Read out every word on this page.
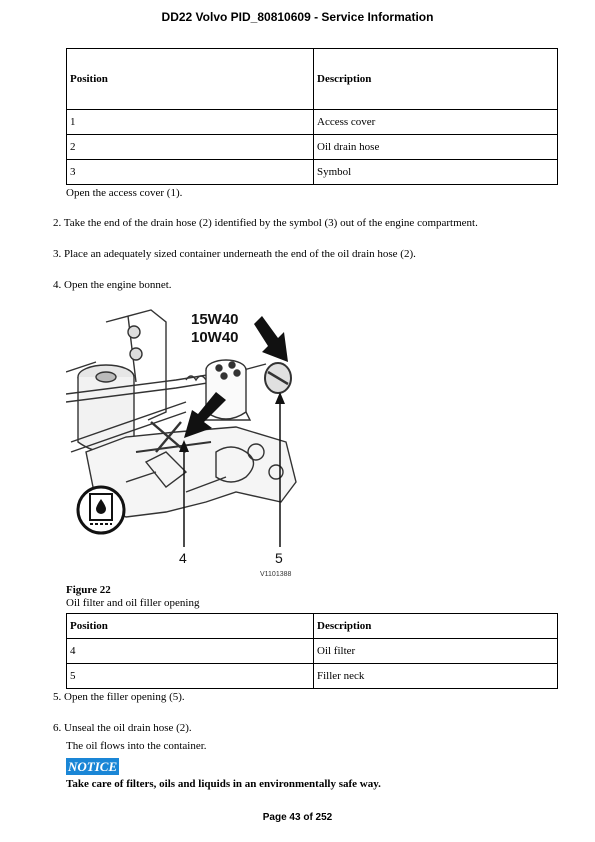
DD22 Volvo PID_80810609 - Service Information
Position	Description
1	Access cover
2	Oil drain hose
3	Symbol
Open the access cover (1).
2. Take the end of the drain hose (2) identified by the symbol (3) out of the engine compartment.
3. Place an adequately sized container underneath the end of the oil drain hose (2).
4. Open the engine bonnet.
15W40
10W40
4	5
V1101388
Figure 22
Oil filter and oil filler opening
Position	Description
4	Oil filter
5	Filler neck
5. Open the filler opening (5).
6. Unseal the oil drain hose (2).
The oil flows into the container.
NOTICE
Take care of filters, oils and liquids in an environmentally safe way.
Page 43 of 252
